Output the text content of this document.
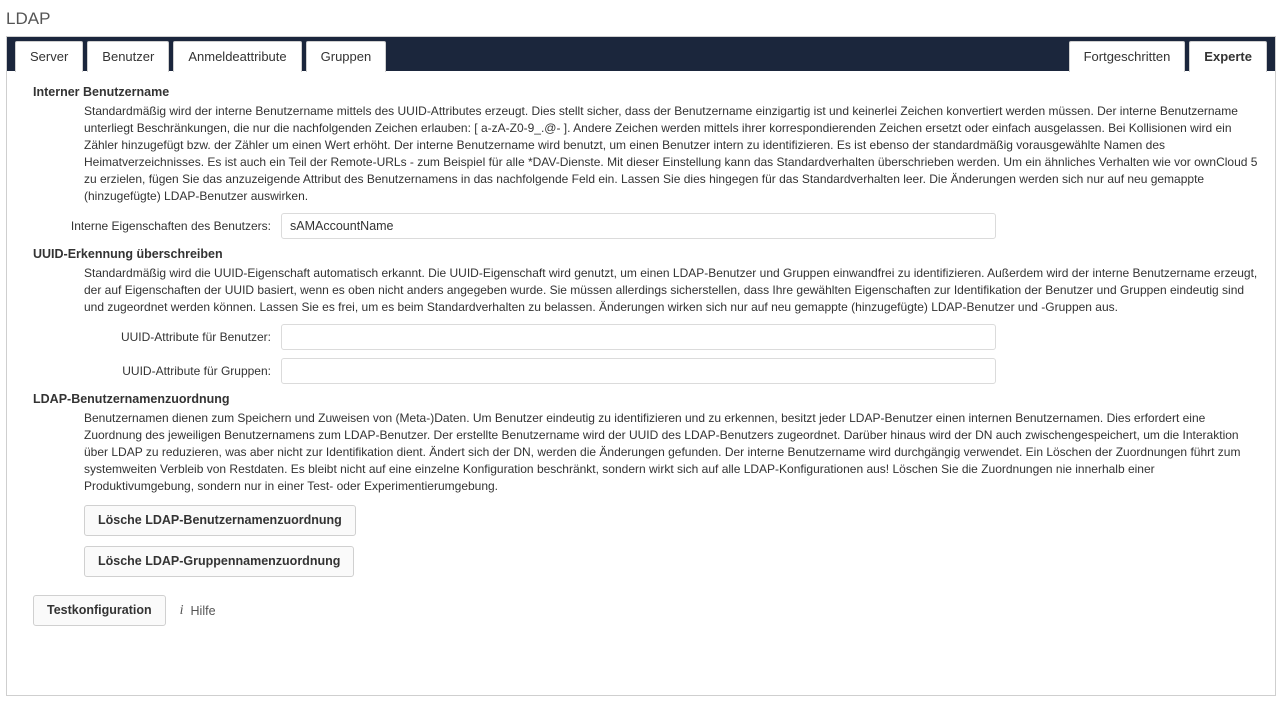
LDAP
Server	Benutzer	Anmeldeattribute	Gruppen	Fortgeschritten	Experte
Interner Benutzername

Standardmäßig wird der interne Benutzername mittels des UUID-Attributes erzeugt. Dies stellt sicher, dass der Benutzername einzigartig ist und keinerlei Zeichen konvertiert werden müssen. Der interne Benutzername unterliegt Beschränkungen, die nur die nachfolgenden Zeichen erlauben: [ a-zA-Z0-9_.@- ]. Andere Zeichen werden mittels ihrer korrespondierenden Zeichen ersetzt oder einfach ausgelassen. Bei Kollisionen wird ein Zähler hinzugefügt bzw. der Zähler um einen Wert erhöht. Der interne Benutzername wird benutzt, um einen Benutzer intern zu identifizieren. Es ist ebenso der standardmäßig vorausgewählte Namen des Heimatverzeichnisses. Es ist auch ein Teil der Remote-URLs - zum Beispiel für alle *DAV-Dienste. Mit dieser Einstellung kann das Standardverhalten überschrieben werden. Um ein ähnliches Verhalten wie vor ownCloud 5 zu erzielen, fügen Sie das anzuzeigende Attribut des Benutzernamens in das nachfolgende Feld ein. Lassen Sie dies hingegen für das Standardverhalten leer. Die Änderungen werden sich nur auf neu gemappte (hinzugefügte) LDAP-Benutzer auswirken.

Interne Eigenschaften des Benutzers:
sAMAccountName
UUID-Erkennung überschreiben

Standardmäßig wird die UUID-Eigenschaft automatisch erkannt. Die UUID-Eigenschaft wird genutzt, um einen LDAP-Benutzer und Gruppen einwandfrei zu identifizieren. Außerdem wird der interne Benutzername erzeugt, der auf Eigenschaften der UUID basiert, wenn es oben nicht anders angegeben wurde. Sie müssen allerdings sicherstellen, dass Ihre gewählten Eigenschaften zur Identifikation der Benutzer und Gruppen eindeutig sind und zugeordnet werden können. Lassen Sie es frei, um es beim Standardverhalten zu belassen. Änderungen wirken sich nur auf neu gemappte (hinzugefügte) LDAP-Benutzer und -Gruppen aus.

UUID-Attribute für Benutzer:
UUID-Attribute für Gruppen:
LDAP-Benutzernamenzuordnung

Benutzernamen dienen zum Speichern und Zuweisen von (Meta-)Daten. Um Benutzer eindeutig zu identifizieren und zu erkennen, besitzt jeder LDAP-Benutzer einen internen Benutzernamen. Dies erfordert eine Zuordnung des jeweiligen Benutzernamens zum LDAP-Benutzer. Der erstellte Benutzername wird der UUID des LDAP-Benutzers zugeordnet. Darüber hinaus wird der DN auch zwischengespeichert, um die Interaktion über LDAP zu reduzieren, was aber nicht zur Identifikation dient. Ändert sich der DN, werden die Änderungen gefunden. Der interne Benutzername wird durchgängig verwendet. Ein Löschen der Zuordnungen führt zum systemweiten Verbleib von Restdaten. Es bleibt nicht auf eine einzelne Konfiguration beschränkt, sondern wirkt sich auf alle LDAP-Konfigurationen aus! Löschen Sie die Zuordnungen nie innerhalb einer Produktivumgebung, sondern nur in einer Test- oder Experimentierumgebung.

Lösche LDAP-Benutzernamenzuordnung
Lösche LDAP-Gruppennamenzuordnung
Testkonfiguration	i Hilfe
